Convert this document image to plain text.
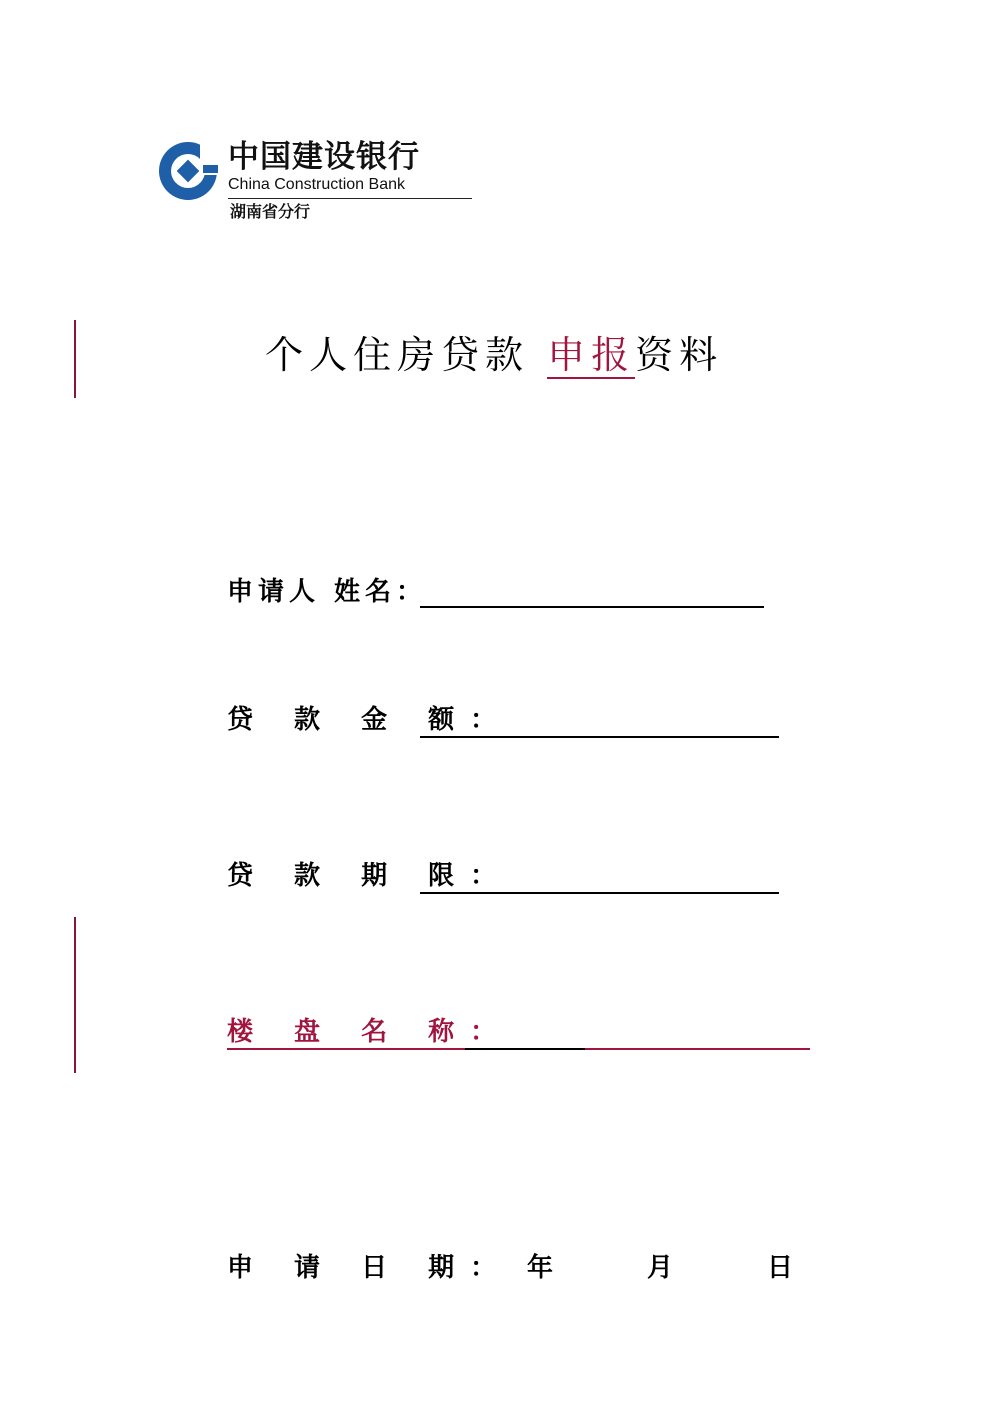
中国建设银行
China Construction Bank
湖南省分行
个人住房贷款 申报资料
申请人 姓名：
贷 款 金 额：
贷 款 期 限：
楼 盘 名 称：
申 请 日 期： 年	月	日
